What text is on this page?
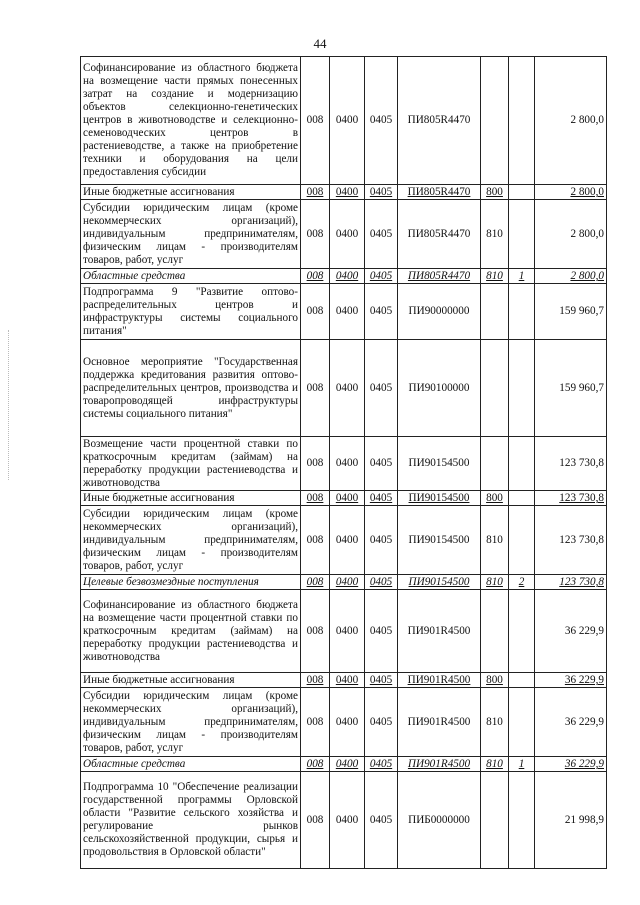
44
Софинансирование из областного бюджета на возмещение части прямых понесенных затрат на создание и модернизацию объектов селекционно-генетических центров в животноводстве и селекционно-семеноводческих центров в растениеводстве, а также на приобретение техники и оборудования на цели предоставления субсидии	008	0400	0405	ПИ805R4470			2 800,0
Иные бюджетные ассигнования	008	0400	0405	ПИ805R4470	800		2 800,0
Субсидии юридическим лицам (кроме некоммерческих организаций), индивидуальным предпринимателям, физическим лицам - производителям товаров, работ, услуг	008	0400	0405	ПИ805R4470	810		2 800,0
Областные средства	008	0400	0405	ПИ805R4470	810	1	2 800,0
Подпрограмма 9 "Развитие оптово-распределительных центров и инфраструктуры системы социального питания"	008	0400	0405	ПИ90000000			159 960,7
Основное мероприятие "Государственная поддержка кредитования развития оптово-распределительных центров, производства и товаропроводящей инфраструктуры системы социального питания"	008	0400	0405	ПИ90100000			159 960,7
Возмещение части процентной ставки по краткосрочным кредитам (займам) на переработку продукции растениеводства и животноводства	008	0400	0405	ПИ90154500			123 730,8
Иные бюджетные ассигнования	008	0400	0405	ПИ90154500	800		123 730,8
Субсидии юридическим лицам (кроме некоммерческих организаций), индивидуальным предпринимателям, физическим лицам - производителям товаров, работ, услуг	008	0400	0405	ПИ90154500	810		123 730,8
Целевые безвозмездные поступления	008	0400	0405	ПИ90154500	810	2	123 730,8
Софинансирование из областного бюджета на возмещение части процентной ставки по краткосрочным кредитам (займам) на переработку продукции растениеводства и животноводства	008	0400	0405	ПИ901R4500			36 229,9
Иные бюджетные ассигнования	008	0400	0405	ПИ901R4500	800		36 229,9
Субсидии юридическим лицам (кроме некоммерческих организаций), индивидуальным предпринимателям, физическим лицам - производителям товаров, работ, услуг	008	0400	0405	ПИ901R4500	810		36 229,9
Областные средства	008	0400	0405	ПИ901R4500	810	1	36 229,9
Подпрограмма 10 "Обеспечение реализации государственной программы Орловской области "Развитие сельского хозяйства и регулирование рынков сельскохозяйственной продукции, сырья и продовольствия в Орловской области"	008	0400	0405	ПИБ0000000			21 998,9
